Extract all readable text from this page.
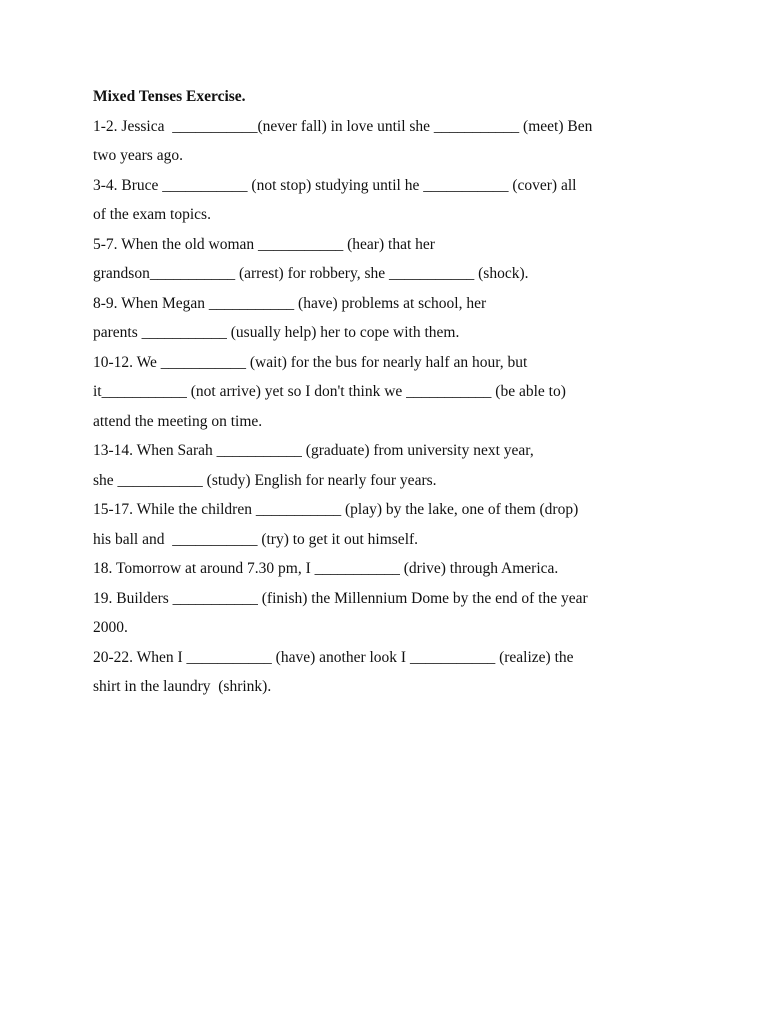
Mixed Tenses Exercise.
1-2. Jessica  ___________(never fall) in love until she ___________ (meet) Ben
two years ago.
3-4. Bruce ___________ (not stop) studying until he ___________ (cover) all
of the exam topics.
5-7. When the old woman ___________ (hear) that her
grandson___________ (arrest) for robbery, she ___________ (shock).
8-9. When Megan ___________ (have) problems at school, her
parents ___________ (usually help) her to cope with them.
10-12. We ___________ (wait) for the bus for nearly half an hour, but
it___________ (not arrive) yet so I don't think we ___________ (be able to)
attend the meeting on time.
13-14. When Sarah ___________ (graduate) from university next year,
she ___________ (study) English for nearly four years.
15-17. While the children ___________ (play) by the lake, one of them (drop)
his ball and  ___________ (try) to get it out himself.
18. Tomorrow at around 7.30 pm, I ___________ (drive) through America.
19. Builders ___________ (finish) the Millennium Dome by the end of the year
2000.
20-22. When I ___________ (have) another look I ___________ (realize) the
shirt in the laundry  (shrink).
